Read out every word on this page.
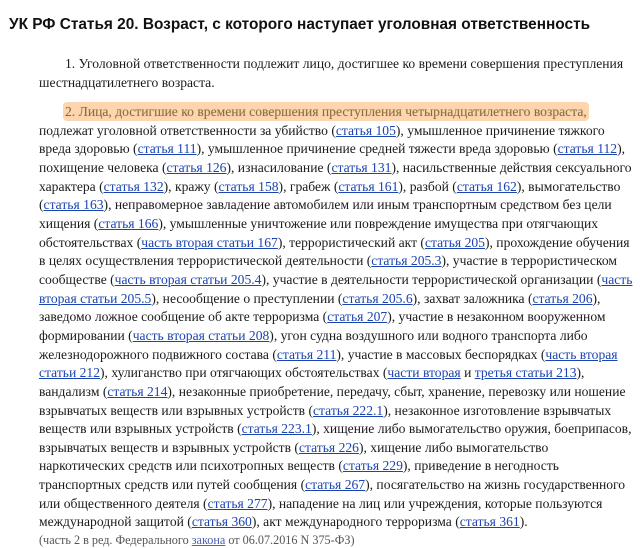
УК РФ Статья 20. Возраст, с которого наступает уголовная ответственность

1. Уголовной ответственности подлежит лицо, достигшее ко времени совершения преступления шестнадцатилетнего возраста.

2. Лица, достигшие ко времени совершения преступления четырнадцатилетнего возраста, подлежат уголовной ответственности за убийство (статья 105), умышленное причинение тяжкого вреда здоровью (статья 111), умышленное причинение средней тяжести вреда здоровью (статья 112), похищение человека (статья 126), изнасилование (статья 131), насильственные действия сексуального характера (статья 132), кражу (статья 158), грабеж (статья 161), разбой (статья 162), вымогательство (статья 163), неправомерное завладение автомобилем или иным транспортным средством без цели хищения (статья 166), умышленные уничтожение или повреждение имущества при отягчающих обстоятельствах (часть вторая статьи 167), террористический акт (статья 205), прохождение обучения в целях осуществления террористической деятельности (статья 205.3), участие в террористическом сообществе (часть вторая статьи 205.4), участие в деятельности террористической организации (часть вторая статьи 205.5), несообщение о преступлении (статья 205.6), захват заложника (статья 206), заведомо ложное сообщение об акте терроризма (статья 207), участие в незаконном вооруженном формировании (часть вторая статьи 208), угон судна воздушного или водного транспорта либо железнодорожного подвижного состава (статья 211), участие в массовых беспорядках (часть вторая статьи 212), хулиганство при отягчающих обстоятельствах (части вторая и третья статьи 213), вандализм (статья 214), незаконные приобретение, передачу, сбыт, хранение, перевозку или ношение взрывчатых веществ или взрывных устройств (статья 222.1), незаконное изготовление взрывчатых веществ или взрывных устройств (статья 223.1), хищение либо вымогательство оружия, боеприпасов, взрывчатых веществ и взрывных устройств (статья 226), хищение либо вымогательство наркотических средств или психотропных веществ (статья 229), приведение в негодность транспортных средств или путей сообщения (статья 267), посягательство на жизнь государственного или общественного деятеля (статья 277), нападение на лиц или учреждения, которые пользуются международной защитой (статья 360), акт международного терроризма (статья 361).

(часть 2 в ред. Федерального закона от 06.07.2016 N 375-ФЗ)
